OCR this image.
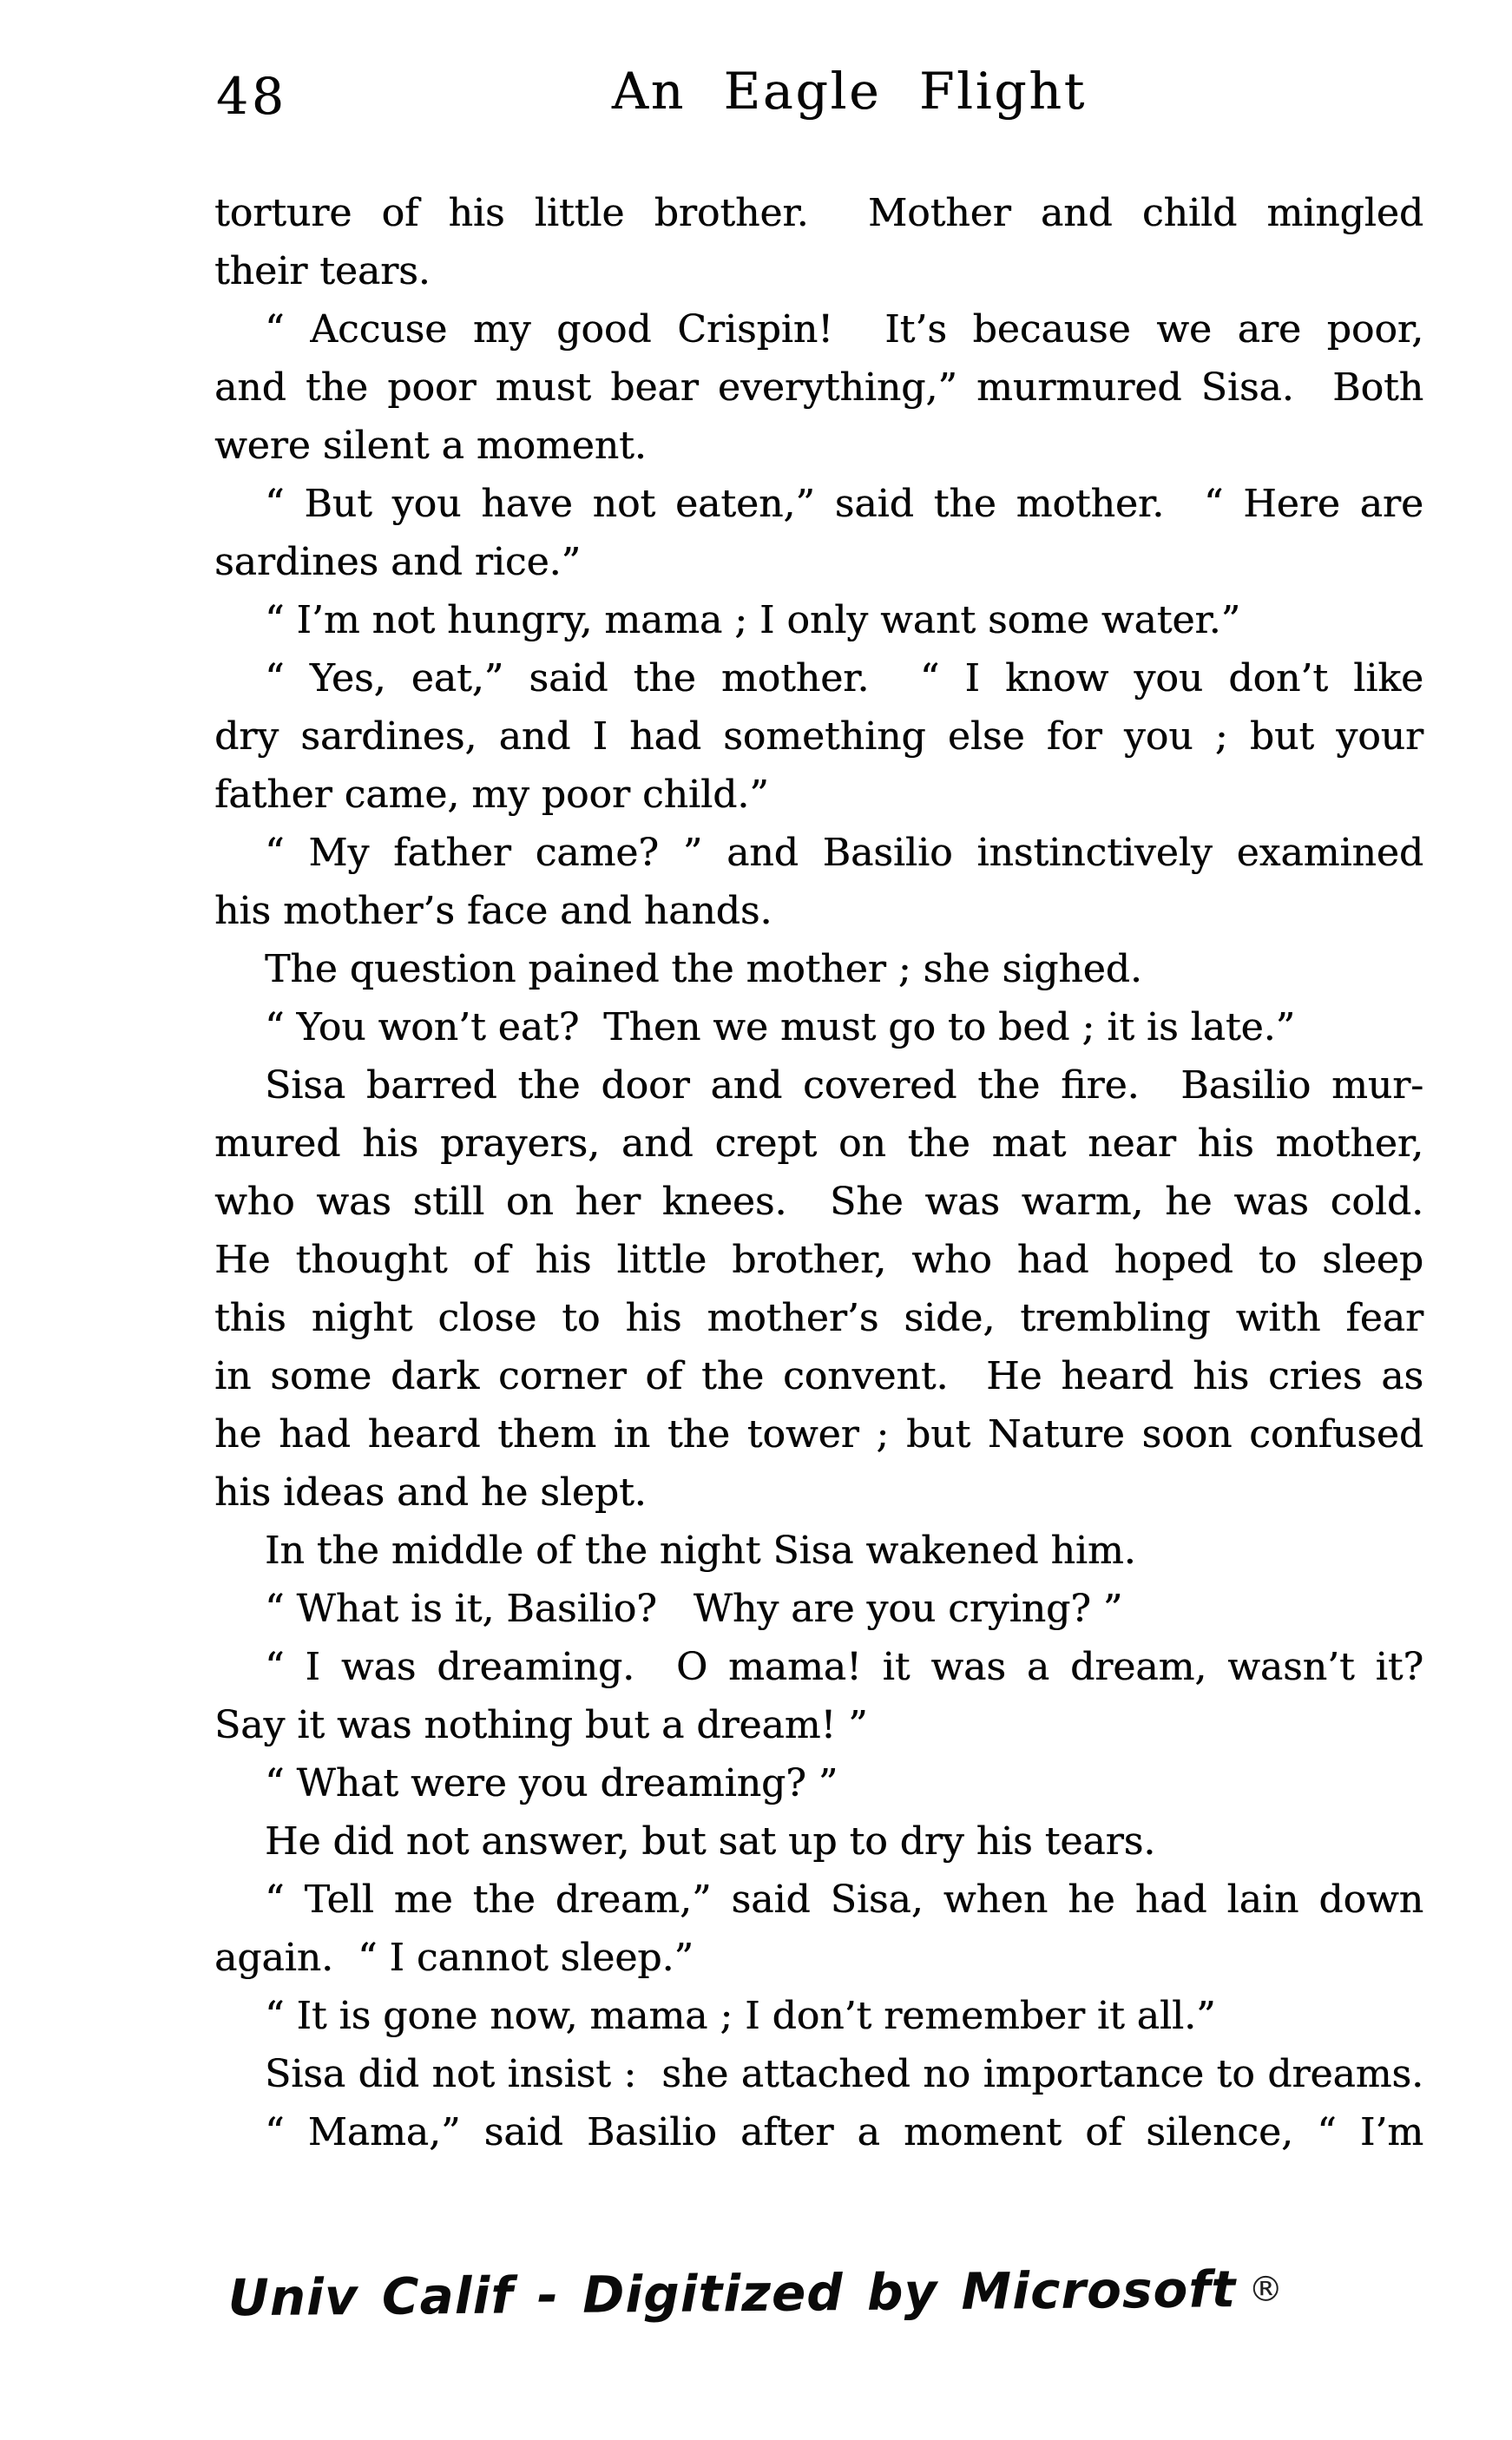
48	An Eagle Flight
torture of his little brother.  Mother and child mingled
their tears.
“ Accuse my good Crispin!  It’s because we are poor,
and the poor must bear everything,” murmured Sisa.  Both
were silent a moment.
“ But you have not eaten,” said the mother.  “ Here are
sardines and rice.”
“ I’m not hungry, mama ; I only want some water.”
“ Yes, eat,” said the mother.  “ I know you don’t like
dry sardines, and I had something else for you ; but your
father came, my poor child.”
“ My father came? ” and Basilio instinctively examined
his mother’s face and hands.
The question pained the mother ; she sighed.
“ You won’t eat?  Then we must go to bed ; it is late.”
Sisa barred the door and covered the fire.  Basilio mur-
mured his prayers, and crept on the mat near his mother,
who was still on her knees.  She was warm, he was cold.
He thought of his little brother, who had hoped to sleep
this night close to his mother’s side, trembling with fear
in some dark corner of the convent.  He heard his cries as
he had heard them in the tower ; but Nature soon confused
his ideas and he slept.
In the middle of the night Sisa wakened him.
“ What is it, Basilio?   Why are you crying? ”
“ I was dreaming.  O mama! it was a dream, wasn’t it?
Say it was nothing but a dream! ”
“ What were you dreaming? ”
He did not answer, but sat up to dry his tears.
“ Tell me the dream,” said Sisa, when he had lain down
again.  “ I cannot sleep.”
“ It is gone now, mama ; I don’t remember it all.”
Sisa did not insist :  she attached no importance to dreams.
“ Mama,” said Basilio after a moment of silence, “ I’m
Univ Calif - Digitized by Microsoft ®
